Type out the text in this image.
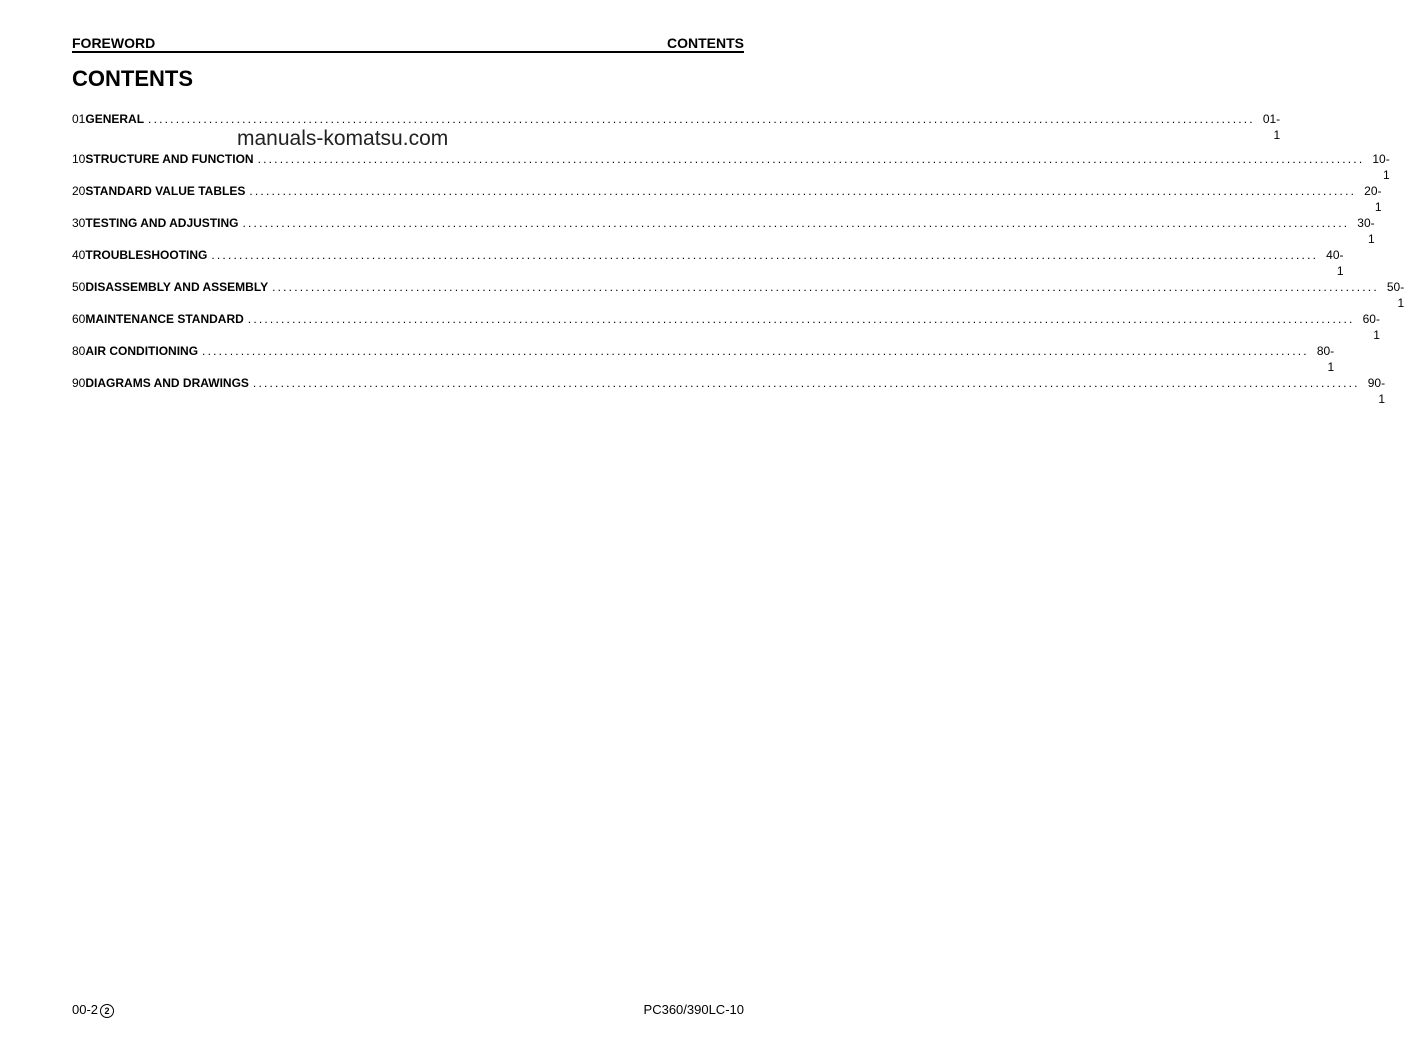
FOREWORD	CONTENTS
CONTENTS
01 GENERAL ........................................................................................................................................................................................................ 01-1
manuals-komatsu.com
10 STRUCTURE AND FUNCTION ........................................................................................................................................................................................................ 10-1
20 STANDARD VALUE TABLES ........................................................................................................................................................................................................ 20-1
30 TESTING AND ADJUSTING ........................................................................................................................................................................................................ 30-1
40 TROUBLESHOOTING ........................................................................................................................................................................................................ 40-1
50 DISASSEMBLY AND ASSEMBLY ........................................................................................................................................................................................................ 50-1
60 MAINTENANCE STANDARD ........................................................................................................................................................................................................ 60-1
80 AIR CONDITIONING ........................................................................................................................................................................................................ 80-1
90 DIAGRAMS AND DRAWINGS ........................................................................................................................................................................................................ 90-1
00-2 2	PC360/390LC-10
